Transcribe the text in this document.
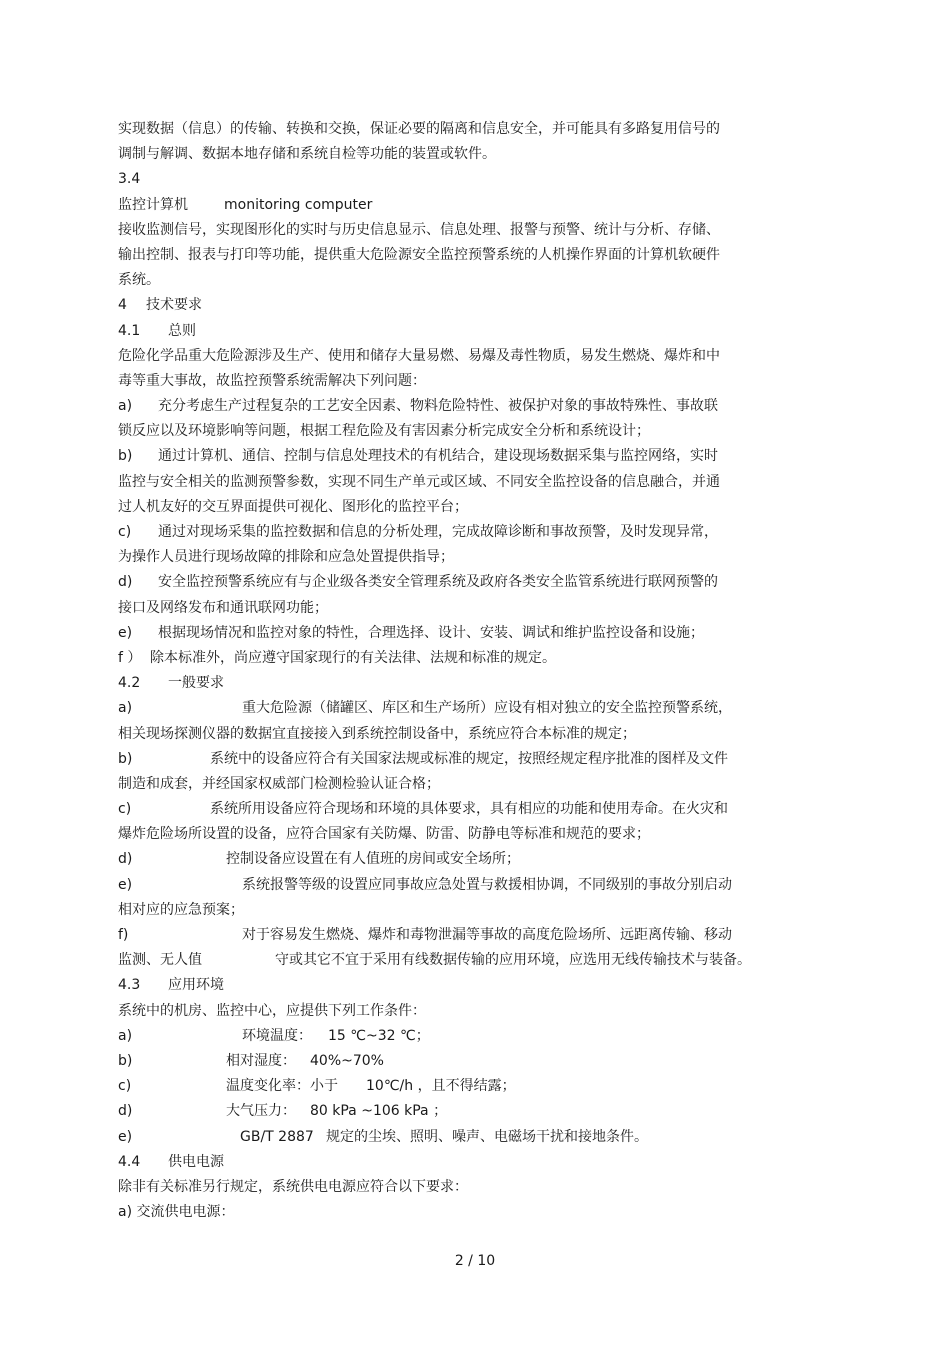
实现数据（信息）的传输、转换和交换，保证必要的隔离和信息安全，并可能具有多路复用信号的
调制与解调、数据本地存储和系统自检等功能的装置或软件。
3.4
监控计算机	monitoring computer
接收监测信号，实现图形化的实时与历史信息显示、信息处理、报警与预警、统计与分析、存储、
输出控制、报表与打印等功能，提供重大危险源安全监控预警系统的人机操作界面的计算机软硬件
系统。
4 技术要求
4.1 总则
危险化学品重大危险源涉及生产、使用和储存大量易燃、易爆及毒性物质，易发生燃烧、爆炸和中
毒等重大事故，故监控预警系统需解决下列问题：
a) 充分考虑生产过程复杂的工艺安全因素、物料危险特性、被保护对象的事故特殊性、事故联
锁反应以及环境影响等问题，根据工程危险及有害因素分析完成安全分析和系统设计；
b) 通过计算机、通信、控制与信息处理技术的有机结合，建设现场数据采集与监控网络，实时
监控与安全相关的监测预警参数，实现不同生产单元或区域、不同安全监控设备的信息融合，并通
过人机友好的交互界面提供可视化、图形化的监控平台；
c) 通过对现场采集的监控数据和信息的分析处理，完成故障诊断和事故预警，及时发现异常，
为操作人员进行现场故障的排除和应急处置提供指导；
d) 安全监控预警系统应有与企业级各类安全管理系统及政府各类安全监管系统进行联网预警的
接口及网络发布和通讯联网功能；
e) 根据现场情况和监控对象的特性，合理选择、设计、安装、调试和维护监控设备和设施；
f ） 除本标准外，尚应遵守国家现行的有关法律、法规和标准的规定。
4.2 一般要求
a)	重大危险源（储罐区、库区和生产场所）应设有相对独立的安全监控预警系统，
相关现场探测仪器的数据宜直接接入到系统控制设备中，系统应符合本标准的规定；
b)	系统中的设备应符合有关国家法规或标准的规定，按照经规定程序批准的图样及文件
制造和成套，并经国家权威部门检测检验认证合格；
c)	系统所用设备应符合现场和环境的具体要求，具有相应的功能和使用寿命。在火灾和
爆炸危险场所设置的设备，应符合国家有关防爆、防雷、防静电等标准和规范的要求；
d)	控制设备应设置在有人值班的房间或安全场所；
e)	系统报警等级的设置应同事故应急处置与救援相协调，不同级别的事故分别启动
相对应的应急预案；
f)	对于容易发生燃烧、爆炸和毒物泄漏等事故的高度危险场所、远距离传输、移动
监测、无人值	守或其它不宜于采用有线数据传输的应用环境，应选用无线传输技术与装备。
4.3 应用环境
系统中的机房、监控中心，应提供下列工作条件：
a)	环境温度： 15 ℃~32 ℃；
b)	相对湿度： 40%~70%
c)	温度变化率：小于 10℃/h ，且不得结露；
d)	大气压力： 80 kPa ~106 kPa ；
e)	GB/T 2887 规定的尘埃、照明、噪声、电磁场干扰和接地条件。
4.4 供电电源
除非有关标准另行规定，系统供电电源应符合以下要求：
a) 交流供电电源：
2 / 10
